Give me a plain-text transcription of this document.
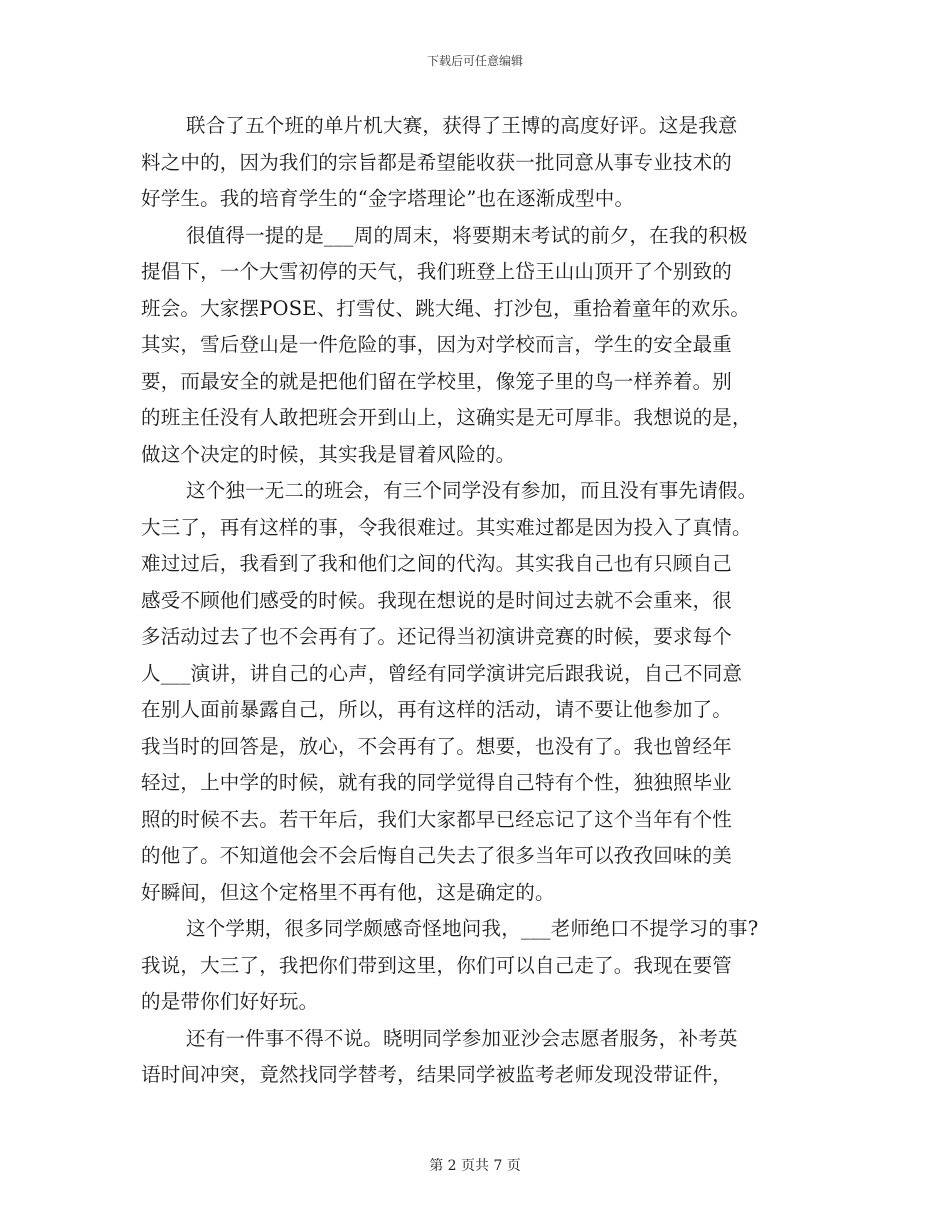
下载后可任意编辑
联合了五个班的单片机大赛，获得了王博的高度好评。这是我意
料之中的，因为我们的宗旨都是希望能收获一批同意从事专业技术的
好学生。我的培育学生的“金字塔理论”也在逐渐成型中。
很值得一提的是___周的周末，将要期末考试的前夕，在我的积极
提倡下，一个大雪初停的天气，我们班登上岱王山山顶开了个别致的
班会。大家摆POSE、打雪仗、跳大绳、打沙包，重拾着童年的欢乐。
其实，雪后登山是一件危险的事，因为对学校而言，学生的安全最重
要，而最安全的就是把他们留在学校里，像笼子里的鸟一样养着。别
的班主任没有人敢把班会开到山上，这确实是无可厚非。我想说的是，
做这个决定的时候，其实我是冒着风险的。
这个独一无二的班会，有三个同学没有参加，而且没有事先请假。
大三了，再有这样的事，令我很难过。其实难过都是因为投入了真情。
难过过后，我看到了我和他们之间的代沟。其实我自己也有只顾自己
感受不顾他们感受的时候。我现在想说的是时间过去就不会重来，很
多活动过去了也不会再有了。还记得当初演讲竞赛的时候，要求每个
人___演讲，讲自己的心声，曾经有同学演讲完后跟我说，自己不同意
在别人面前暴露自己，所以，再有这样的活动，请不要让他参加了。
我当时的回答是，放心，不会再有了。想要，也没有了。我也曾经年
轻过，上中学的时候，就有我的同学觉得自己特有个性，独独照毕业
照的时候不去。若干年后，我们大家都早已经忘记了这个当年有个性
的他了。不知道他会不会后悔自己失去了很多当年可以孜孜回味的美
好瞬间，但这个定格里不再有他，这是确定的。
这个学期，很多同学颇感奇怪地问我，___老师绝口不提学习的事?
我说，大三了，我把你们带到这里，你们可以自己走了。我现在要管
的是带你们好好玩。
还有一件事不得不说。晓明同学参加亚沙会志愿者服务，补考英
语时间冲突，竟然找同学替考，结果同学被监考老师发现没带证件，
第 2 页共 7 页
